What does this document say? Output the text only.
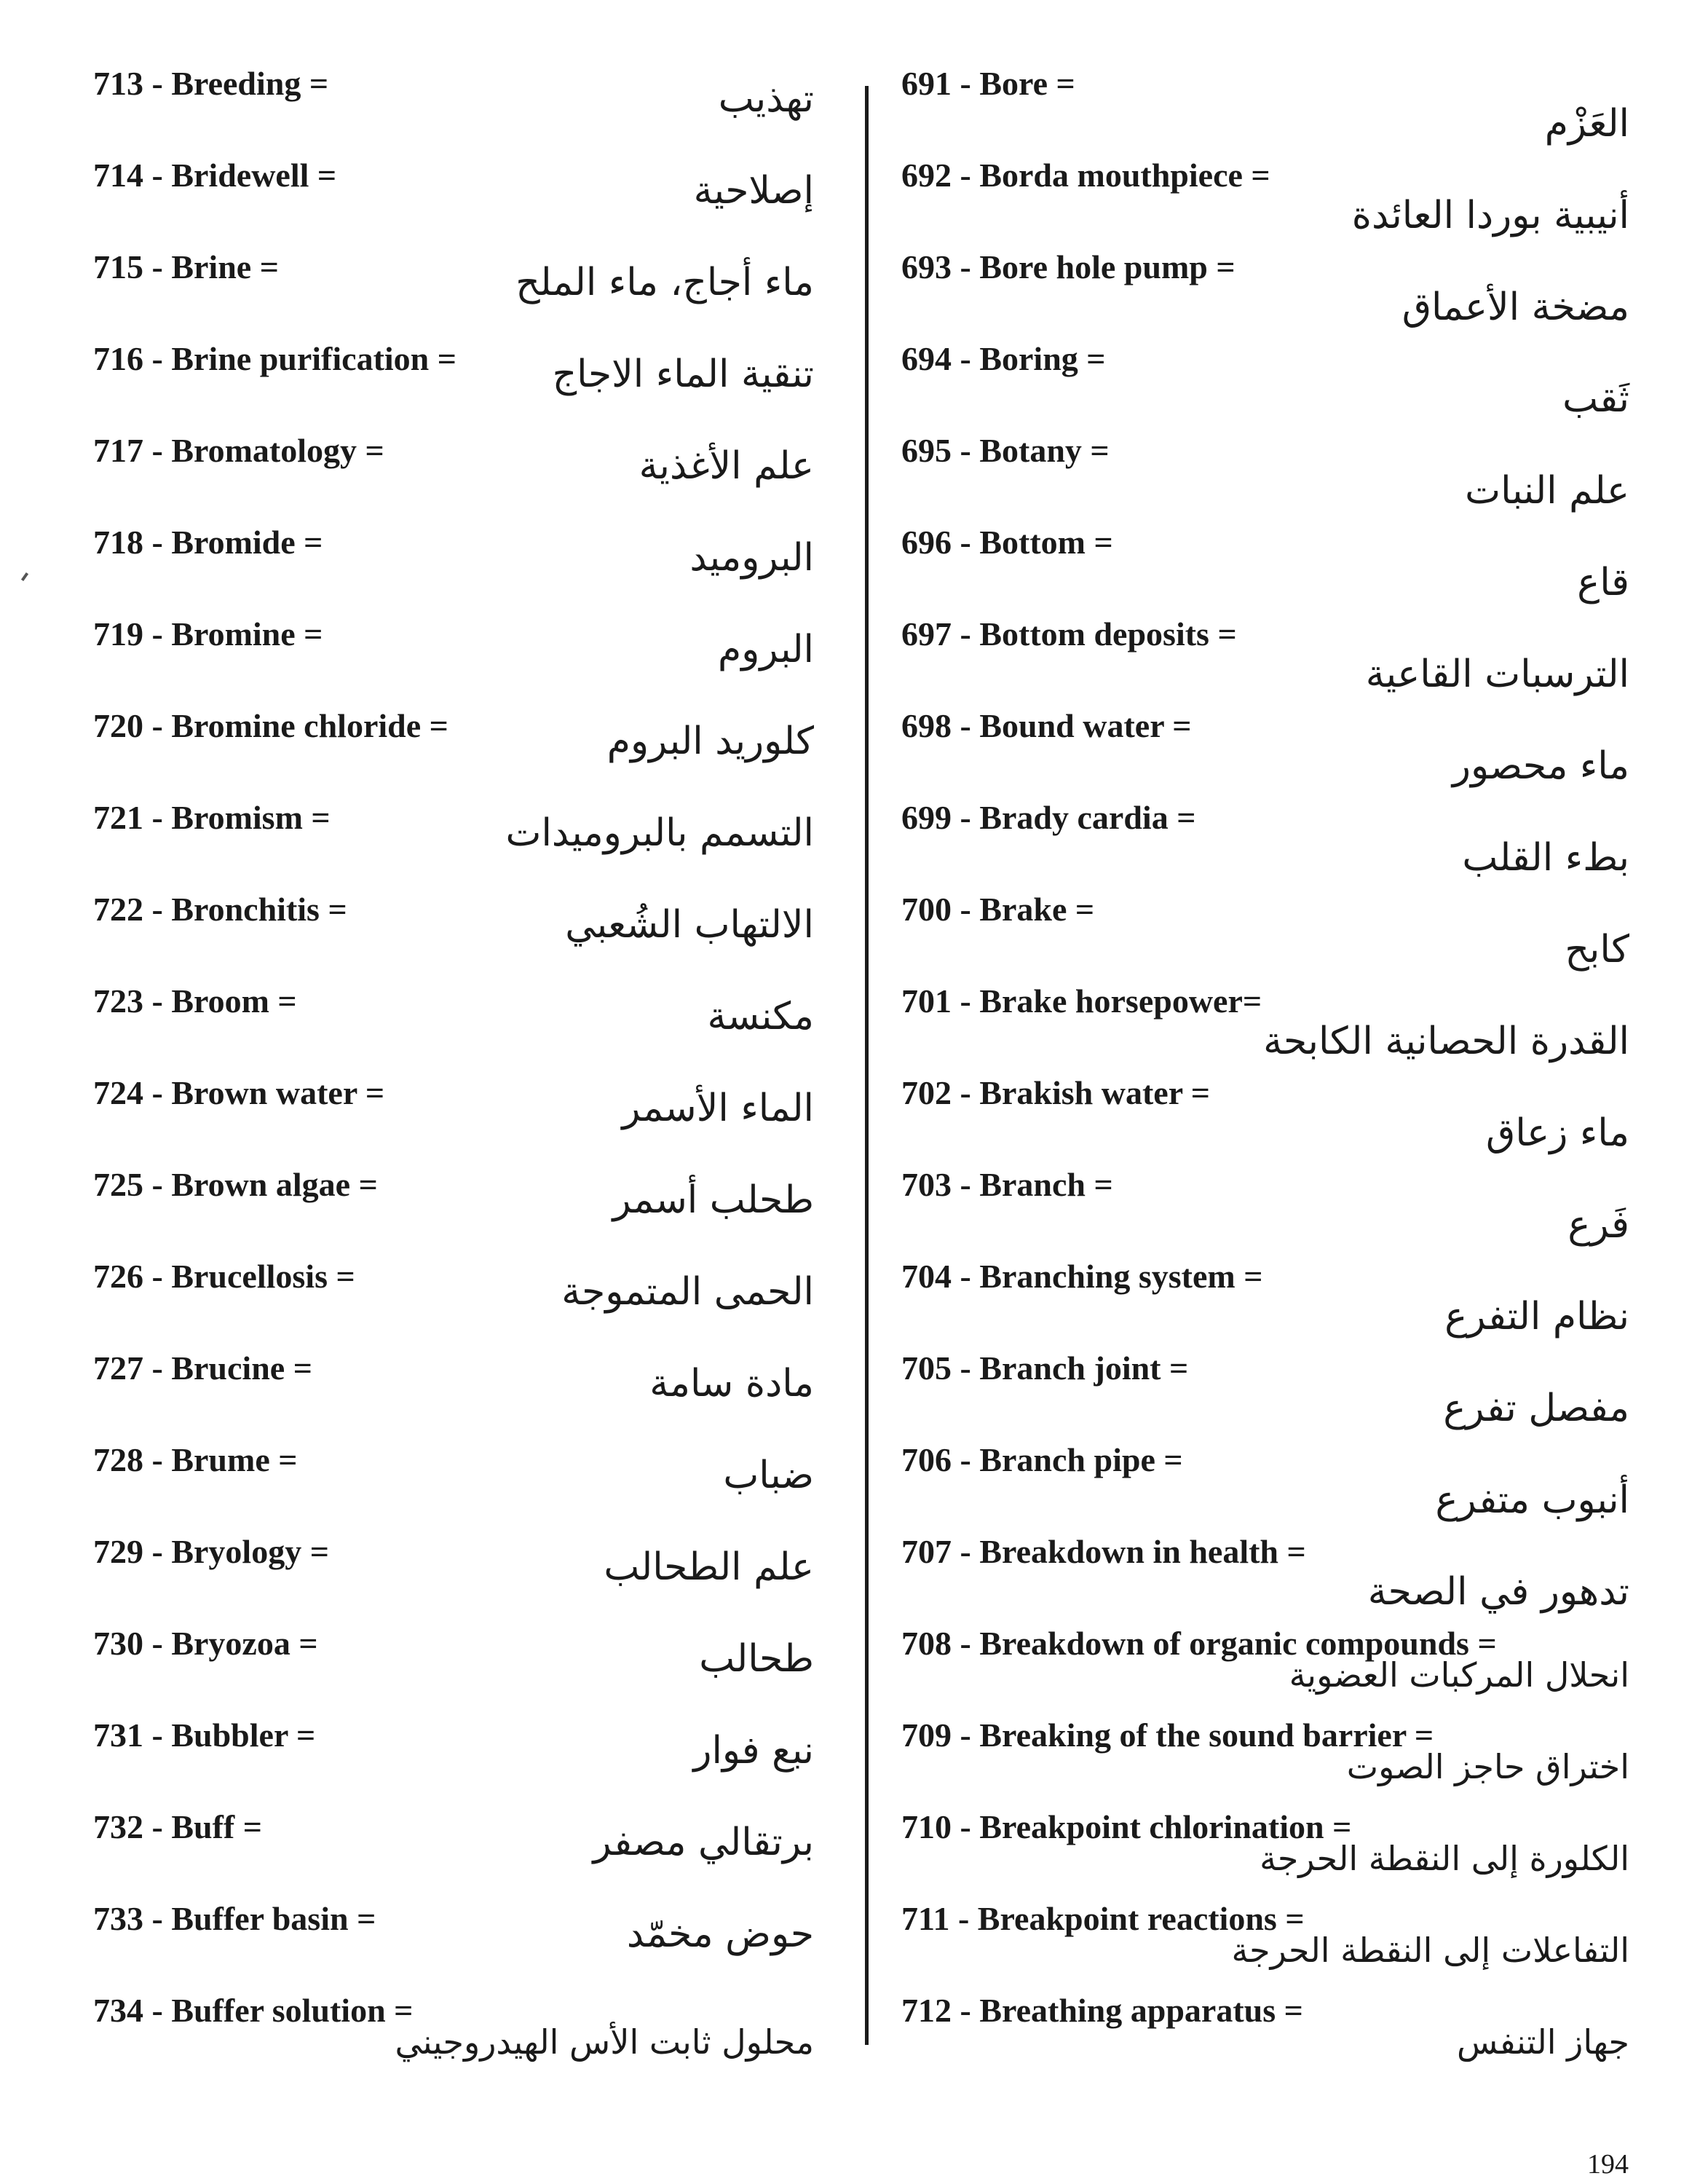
713 - Breeding =	تهذيب
714 - Bridewell =	إصلاحية
715 - Brine =	ماء أجاج، ماء الملح
716 - Brine purification =	تنقية الماء الاجاج
717 - Bromatology =	علم الأغذية
718 - Bromide =	البروميد
719 - Bromine =	البروم
720 - Bromine chloride =	كلوريد البروم
721 - Bromism =	التسمم بالبروميدات
722 - Bronchitis =	الالتهاب الشُعبي
723 - Broom =	مكنسة
724 - Brown water =	الماء الأسمر
725 - Brown algae =	طحلب أسمر
726 - Brucellosis =	الحمى المتموجة
727 - Brucine =	مادة سامة
728 - Brume =	ضباب
729 - Bryology =	علم الطحالب
730 - Bryozoa =	طحالب
731 - Bubbler =	نبع فوار
732 - Buff =	برتقالي مصفر
733 - Buffer basin =	حوض مخمّد
734 - Buffer solution =
محلول ثابت الأس الهيدروجيني
691 - Bore =
العَزْم
692 - Borda mouthpiece =
أنيبية بوردا العائدة
693 - Bore hole pump =
مضخة الأعماق
694 - Boring =
ثَقب
695 - Botany =
علم النبات
696 - Bottom =
قاع
697 - Bottom deposits =
الترسبات القاعية
698 - Bound water =
ماء محصور
699 - Brady cardia =
بطء القلب
700 - Brake =
كابح
701 - Brake horsepower=
القدرة الحصانية الكابحة
702 - Brakish water =
ماء زعاق
703 - Branch =
فَرع
704 - Branching system =
نظام التفرع
705 - Branch joint =
مفصل تفرع
706 - Branch pipe =
أنبوب متفرع
707 - Breakdown in health =
تدهور في الصحة
708 - Breakdown of organic compounds =
انحلال المركبات العضوية
709 - Breaking of the sound barrier =
اختراق حاجز الصوت
710 - Breakpoint chlorination =
الكلورة إلى النقطة الحرجة
711 - Breakpoint reactions =
التفاعلات إلى النقطة الحرجة
712 - Breathing apparatus =
جهاز التنفس
194
